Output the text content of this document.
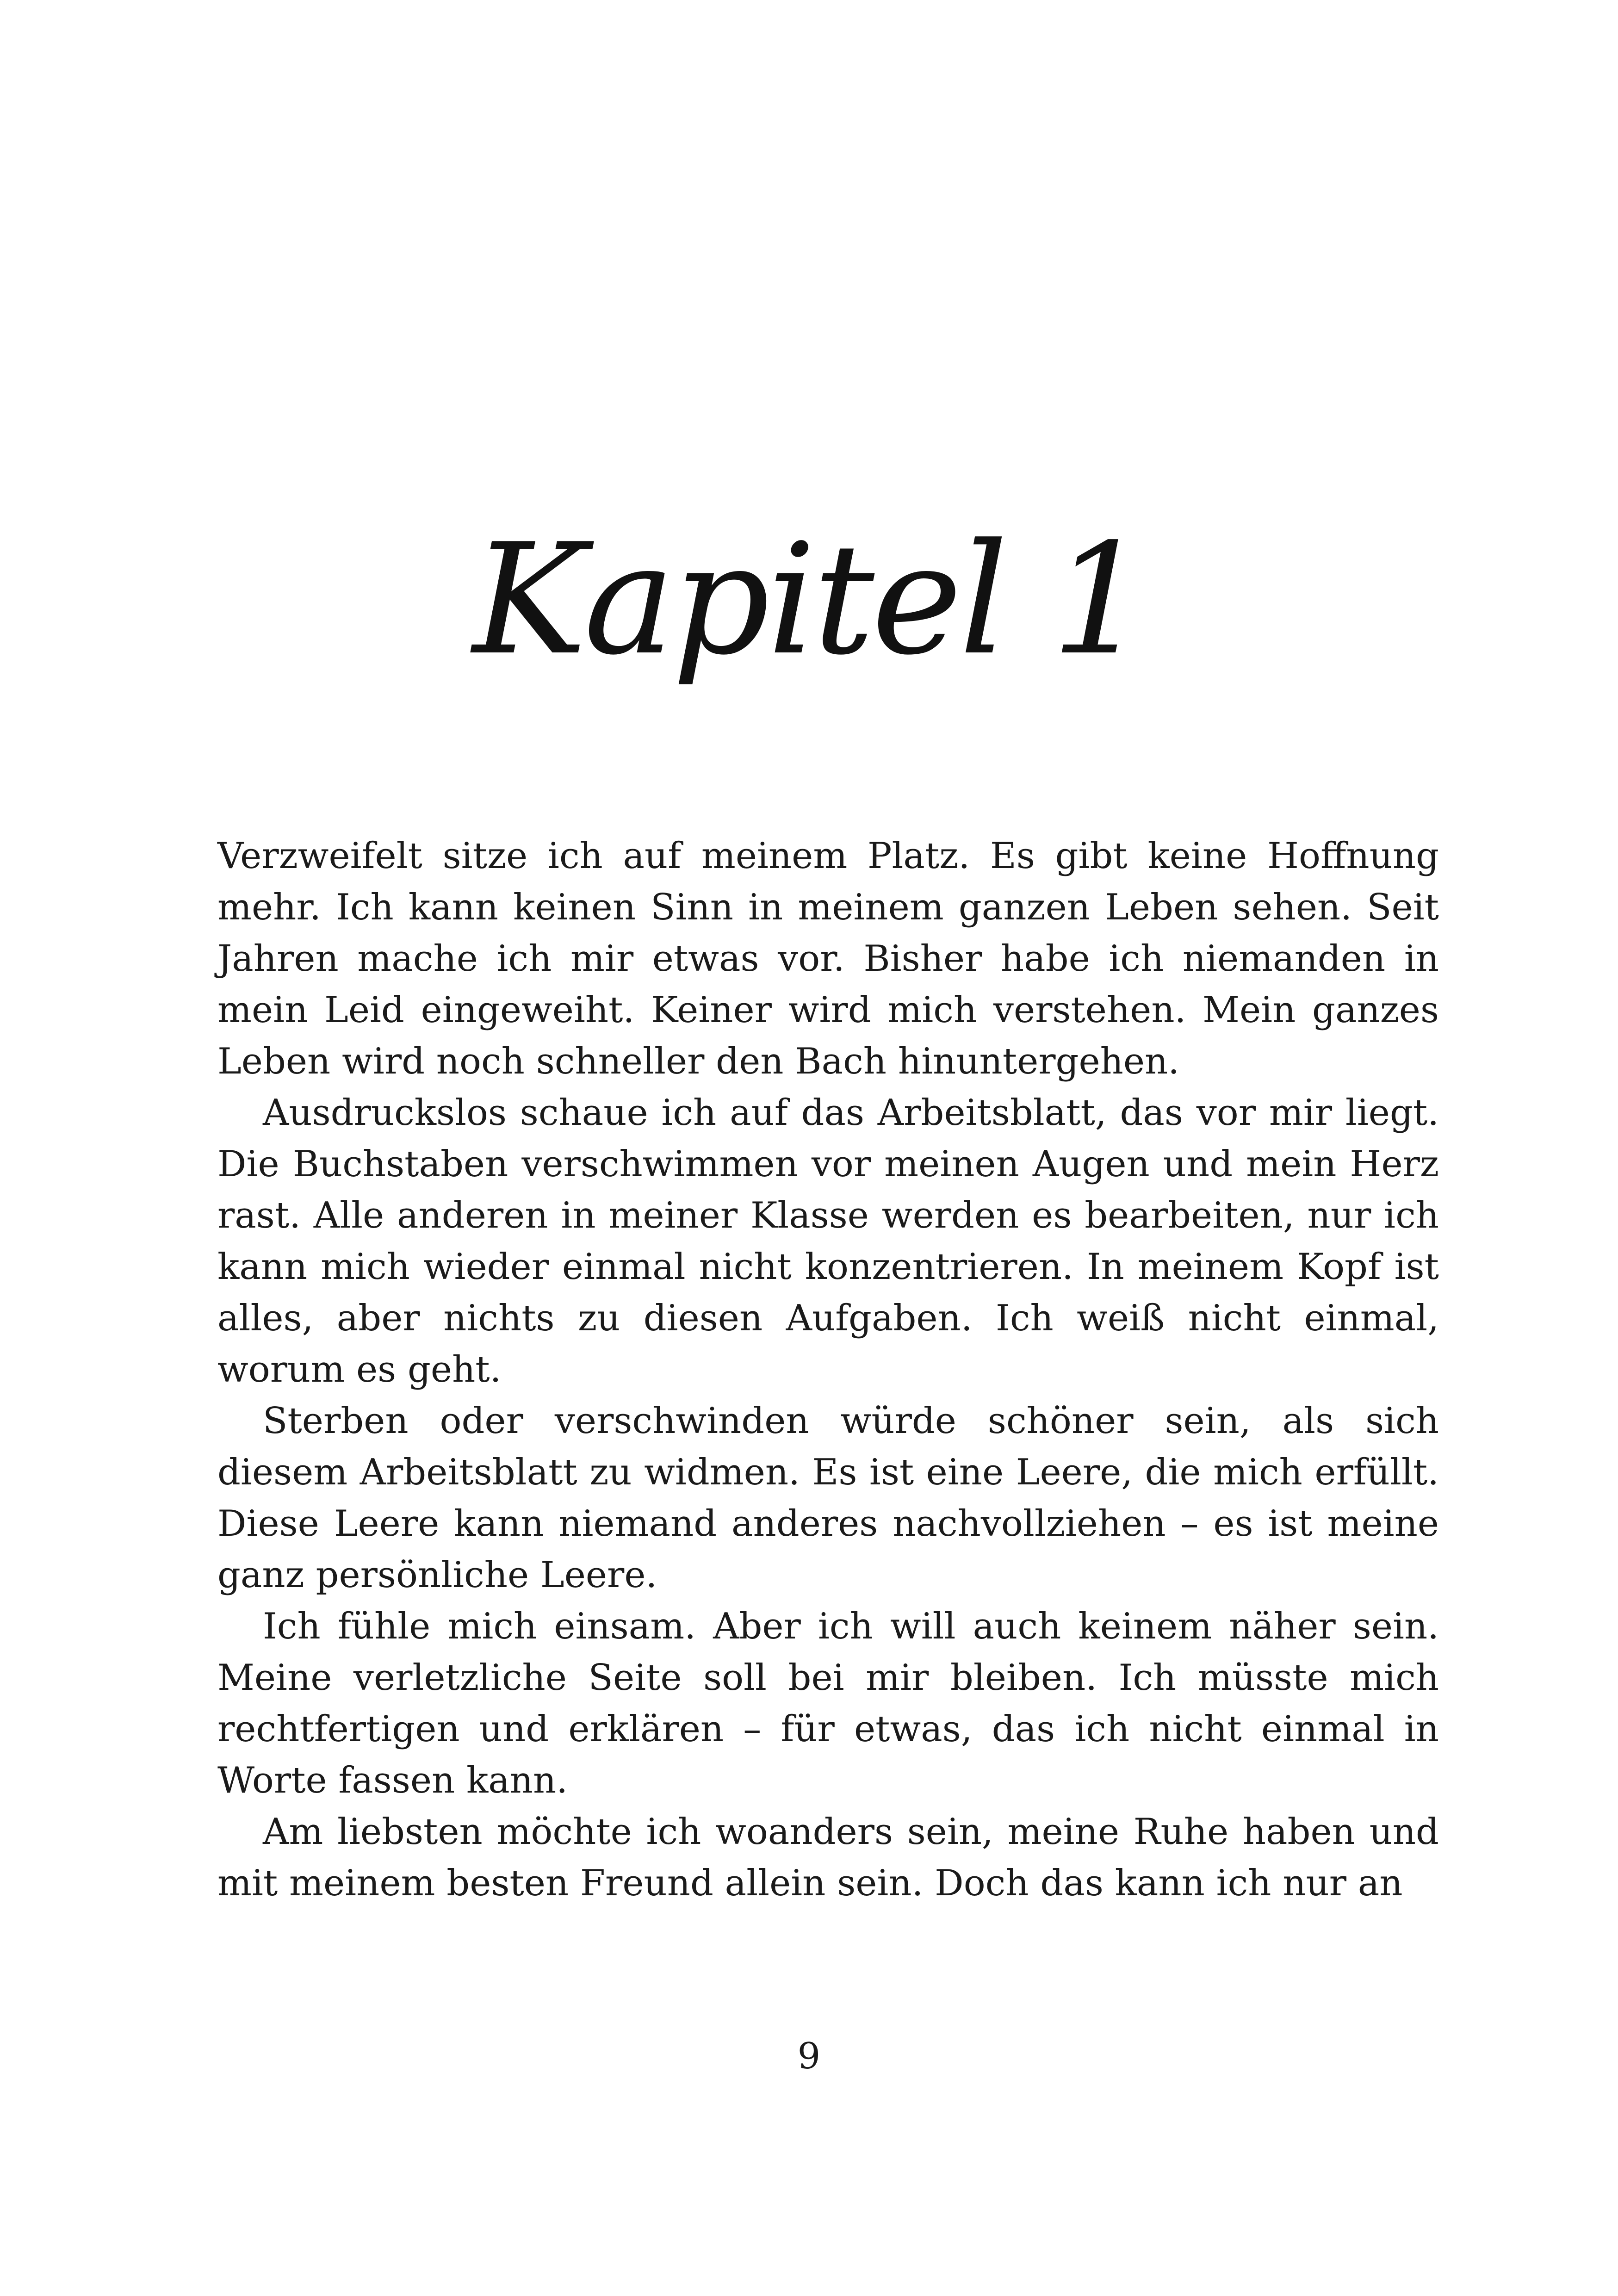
Kapitel 1

Verzweifelt sitze ich auf meinem Platz. Es gibt keine Hoffnung mehr. Ich kann keinen Sinn in meinem ganzen Leben sehen. Seit Jahren mache ich mir etwas vor. Bisher habe ich niemanden in mein Leid eingeweiht. Keiner wird mich verstehen. Mein ganzes Leben wird noch schneller den Bach hinuntergehen.

Ausdruckslos schaue ich auf das Arbeitsblatt, das vor mir liegt. Die Buchstaben verschwimmen vor meinen Augen und mein Herz rast. Alle anderen in meiner Klasse werden es bearbeiten, nur ich kann mich wieder einmal nicht konzentrieren. In meinem Kopf ist alles, aber nichts zu diesen Aufgaben. Ich weiß nicht einmal, worum es geht.

Sterben oder verschwinden würde schöner sein, als sich diesem Arbeitsblatt zu widmen. Es ist eine Leere, die mich erfüllt. Diese Leere kann niemand anderes nachvollziehen – es ist meine ganz persönliche Leere.

Ich fühle mich einsam. Aber ich will auch keinem näher sein. Meine verletzliche Seite soll bei mir bleiben. Ich müsste mich rechtfertigen und erklären – für etwas, das ich nicht einmal in Worte fassen kann.

Am liebsten möchte ich woanders sein, meine Ruhe haben und mit meinem besten Freund allein sein. Doch das kann ich nur an

9
